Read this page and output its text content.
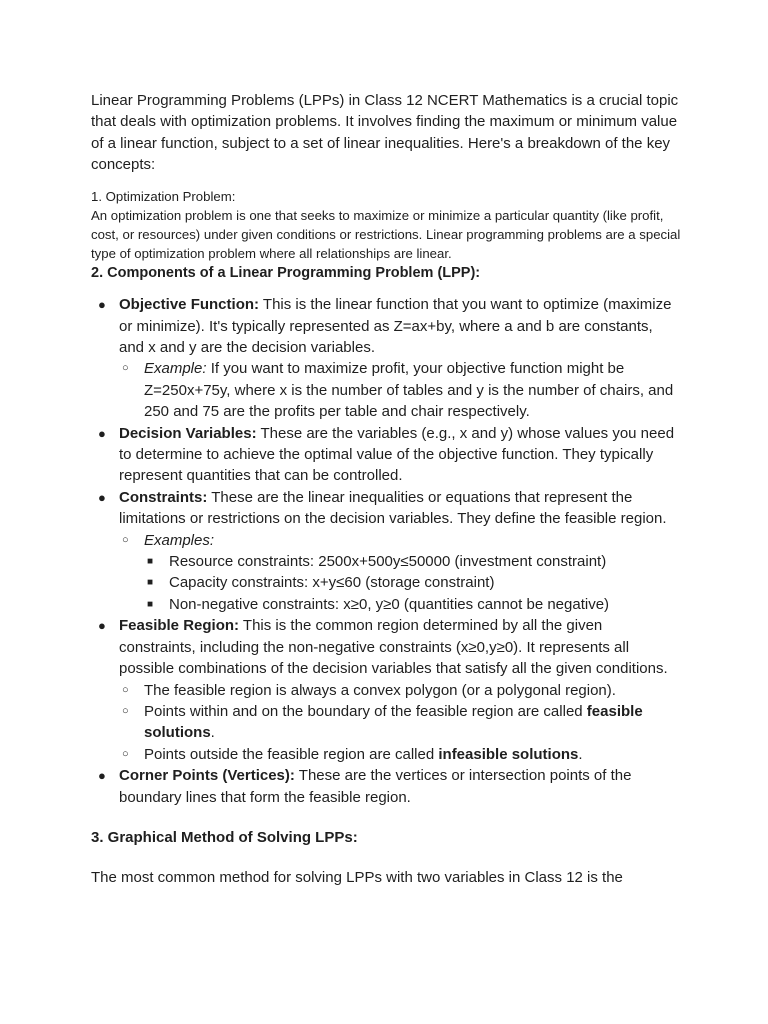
Linear Programming Problems (LPPs) in Class 12 NCERT Mathematics is a crucial topic that deals with optimization problems. It involves finding the maximum or minimum value of a linear function, subject to a set of linear inequalities. Here's a breakdown of the key concepts:

1. Optimization Problem:

An optimization problem is one that seeks to maximize or minimize a particular quantity (like profit, cost, or resources) under given conditions or restrictions. Linear programming problems are a special type of optimization problem where all relationships are linear.

2. Components of a Linear Programming Problem (LPP):

● Objective Function: This is the linear function that you want to optimize (maximize or minimize). It's typically represented as Z=ax+by, where a and b are constants, and x and y are the decision variables.
○ Example: If you want to maximize profit, your objective function might be Z=250x+75y, where x is the number of tables and y is the number of chairs, and 250 and 75 are the profits per table and chair respectively.
● Decision Variables: These are the variables (e.g., x and y) whose values you need to determine to achieve the optimal value of the objective function. They typically represent quantities that can be controlled.
● Constraints: These are the linear inequalities or equations that represent the limitations or restrictions on the decision variables. They define the feasible region.
○ Examples:
■ Resource constraints: 2500x+500y≤50000 (investment constraint)
■ Capacity constraints: x+y≤60 (storage constraint)
■ Non-negative constraints: x≥0, y≥0 (quantities cannot be negative)
● Feasible Region: This is the common region determined by all the given constraints, including the non-negative constraints (x≥0,y≥0). It represents all possible combinations of the decision variables that satisfy all the given conditions.
○ The feasible region is always a convex polygon (or a polygonal region).
○ Points within and on the boundary of the feasible region are called feasible solutions.
○ Points outside the feasible region are called infeasible solutions.
● Corner Points (Vertices): These are the vertices or intersection points of the boundary lines that form the feasible region.

3. Graphical Method of Solving LPPs:

The most common method for solving LPPs with two variables in Class 12 is the
